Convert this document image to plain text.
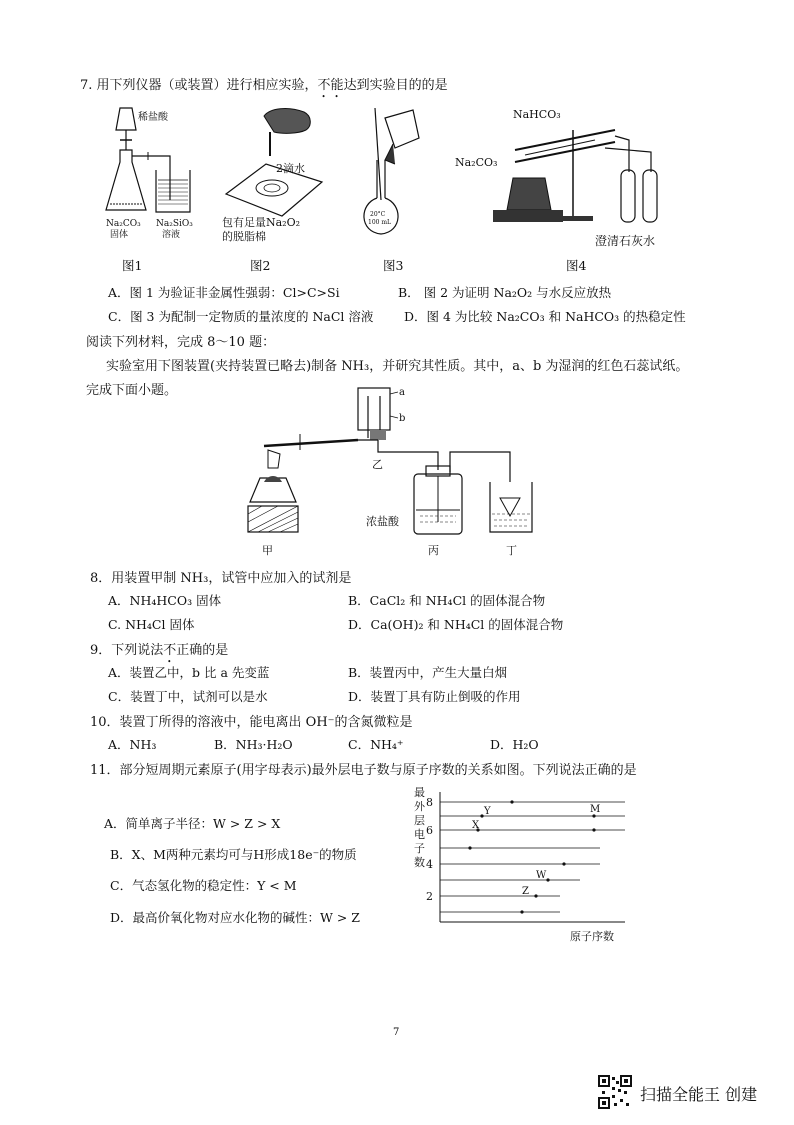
7. 用下列仪器（或装置）进行相应实验，不能达到实验目的的是
稀盐酸
Na₂CO₃
固体
Na₂SiO₃
溶液
图1
2滴水
包有足量Na₂O₂
的脱脂棉
图2
20°C
100 mL
图3
NaHCO₃
Na₂CO₃
澄清石灰水
图4
A．图 1 为验证非金属性强弱：Cl>C>Si	B． 图 2 为证明 Na₂O₂ 与水反应放热
C．图 3 为配制一定物质的量浓度的 NaCl 溶液 D．图 4 为比较 Na₂CO₃ 和 NaHCO₃ 的热稳定性
阅读下列材料，完成 8～10 题：
实验室用下图装置(夹持装置已略去)制备 NH₃，并研究其性质。其中，a、b 为湿润的红色石蕊试纸。
完成下面小题。	a
b
乙
浓盐酸
甲	丙	丁
8．用装置甲制 NH₃，试管中应加入的试剂是
A．NH₄HCO₃ 固体	B．CaCl₂ 和 NH₄Cl 的固体混合物
C. NH₄Cl 固体	D．Ca(OH)₂ 和 NH₄Cl 的固体混合物
9．下列说法不正确的是
A．装置乙中，b 比 a 先变蓝	B．装置丙中，产生大量白烟
C．装置丁中，试剂可以是水	D．装置丁具有防止倒吸的作用
10．装置丁所得的溶液中，能电离出 OH⁻的含氮微粒是
A．NH₃	B．NH₃·H₂O	C．NH₄⁺	D．H₂O
11．部分短周期元素原子(用字母表示)最外层电子数与原子序数的关系如图。下列说法正确的是
A．简单离子半径：W > Z > X
B．X、M两种元素均可与H形成18e⁻的物质
C．气态氢化物的稳定性：Y < M
D．最高价氧化物对应水化物的碱性：W > Z
最
外
层
电
子
数
8
6
4
2
Y
X
M
W
Z
原子序数
7
扫描全能王 创建
